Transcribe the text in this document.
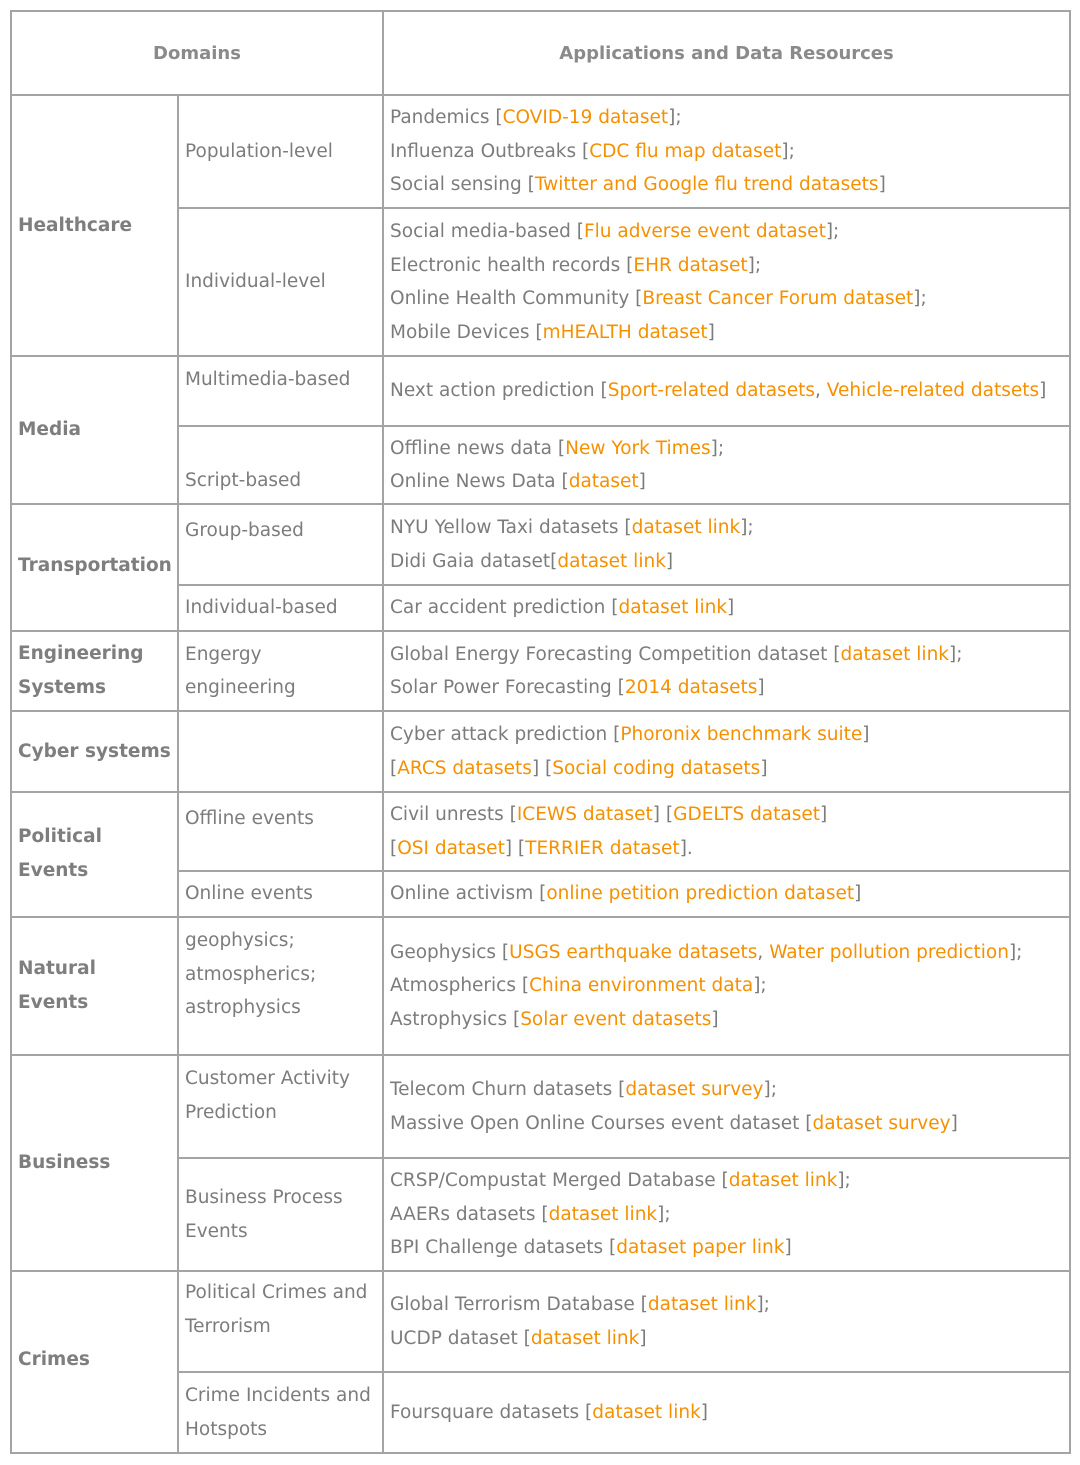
Domains		Applications and Data Resources
Healthcare	Population-level	Pandemics [COVID-19 dataset];
Influenza Outbreaks [CDC flu map dataset];
Social sensing [Twitter and Google flu trend datasets]

	Individual-level	Social media-based [Flu adverse event dataset];
Electronic health records [EHR dataset];
Online Health Community [Breast Cancer Forum dataset];
Mobile Devices [mHEALTH dataset]

Media	Multimedia-based	Next action prediction [Sport-related datasets, Vehicle-related datsets]

	Script-based	Offline news data [New York Times];
Online News Data [dataset]

Transportation	Group-based	NYU Yellow Taxi datasets [dataset link];
Didi Gaia dataset[dataset link]

	Individual-based	Car accident prediction [dataset link]

Engineering Systems	Engergy engineering	Global Energy Forecasting Competition dataset [dataset link];
Solar Power Forecasting [2014 datasets]

Cyber systems		Cyber attack prediction [Phoronix benchmark suite]
[ARCS datasets] [Social coding datasets]

Political Events	Offline events	Civil unrests [ICEWS dataset] [GDELTS dataset]
[OSI dataset] [TERRIER dataset].

	Online events	Online activism [online petition prediction dataset]

Natural Events	geophysics; atmospherics; astrophysics	Geophysics [USGS earthquake datasets, Water pollution prediction];
Atmospherics [China environment data];
Astrophysics [Solar event datasets]

Business	Customer Activity Prediction	Telecom Churn datasets [dataset survey];
Massive Open Online Courses event dataset [dataset survey]

	Business Process Events	CRSP/Compustat Merged Database [dataset link];
AAERs datasets [dataset link];
BPI Challenge datasets [dataset paper link]

Crimes	Political Crimes and Terrorism	Global Terrorism Database [dataset link];
UCDP dataset [dataset link]

	Crime Incidents and Hotspots	Foursquare datasets [dataset link]
